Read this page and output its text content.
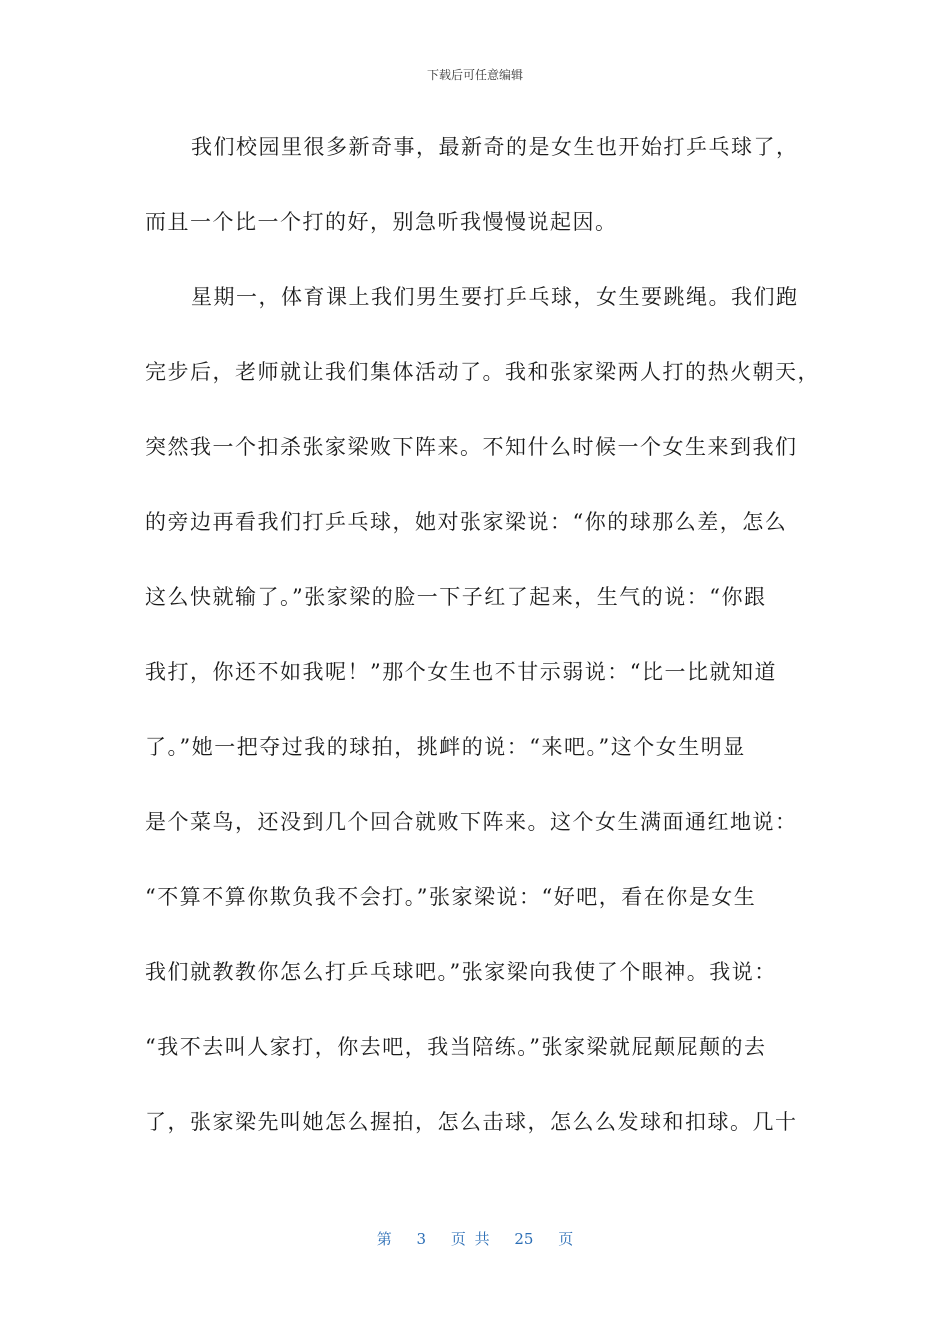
下载后可任意编辑
我们校园里很多新奇事，最新奇的是女生也开始打乒乓球了，
而且一个比一个打的好，别急听我慢慢说起因。
星期一，体育课上我们男生要打乒乓球，女生要跳绳。我们跑
完步后，老师就让我们集体活动了。我和张家梁两人打的热火朝天，
突然我一个扣杀张家梁败下阵来。不知什么时候一个女生来到我们
的旁边再看我们打乒乓球，她对张家梁说：“你的球那么差，怎么
这么快就输了。”张家梁的脸一下子红了起来，生气的说：“你跟
我打，你还不如我呢！”那个女生也不甘示弱说：“比一比就知道
了。”她一把夺过我的球拍，挑衅的说：“来吧。”这个女生明显
是个菜鸟，还没到几个回合就败下阵来。这个女生满面通红地说：
“不算不算你欺负我不会打。”张家梁说：“好吧，看在你是女生
我们就教教你怎么打乒乓球吧。”张家梁向我使了个眼神。我说：
“我不去叫人家打，你去吧，我当陪练。”张家梁就屁颠屁颠的去
了，张家梁先叫她怎么握拍，怎么击球，怎么么发球和扣球。几十
第 3 页 共 25 页
